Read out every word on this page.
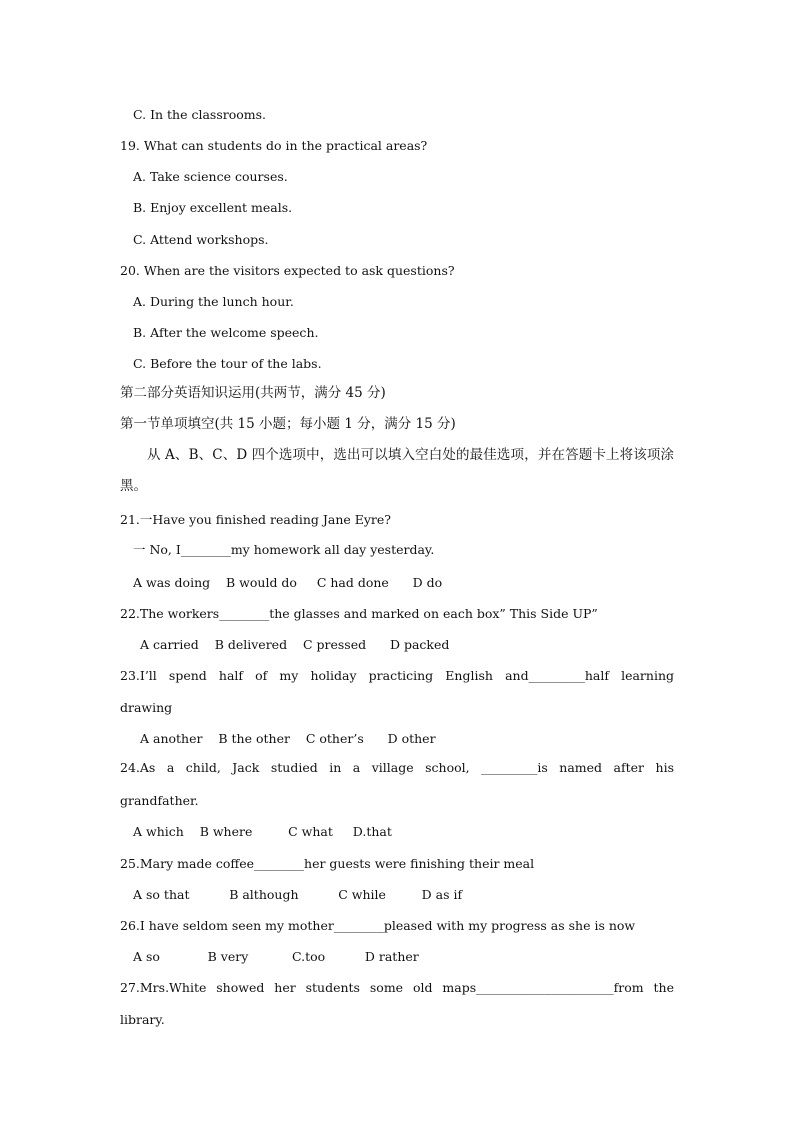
C. In the classrooms.
19. What can students do in the practical areas?
A. Take science courses.
B. Enjoy excellent meals.
C. Attend workshops.
20. When are the visitors expected to ask questions?
A. During the lunch hour.
B. After the welcome speech.
C. Before the tour of the labs.
第二部分英语知识运用(共两节，满分 45 分)
第一节单项填空(共 15 小题；每小题 1 分，满分 15 分)
从 A、B、C、D 四个选项中，选出可以填入空白处的最佳选项，并在答题卡上将该项涂
黑。
21.一Have you finished reading Jane Eyre?
一 No, I________my homework all day yesterday.
A was doing    B would do     C had done      D do
22.The workers________the glasses and marked on each box” This Side UP”
A carried    B delivered    C pressed      D packed
23.I’ll spend half of my holiday practicing English and_________half learning
drawing
A another    B the other    C other’s      D other
24.As a child, Jack studied in a village school, _________is named after his
grandfather.
A which    B where         C what     D.that
25.Mary made coffee________her guests were finishing their meal
A so that          B although          C while         D as if
26.I have seldom seen my mother________pleased with my progress as she is now
A so            B very           C.too          D rather
27.Mrs.White showed her students some old maps______________________from the
library.
